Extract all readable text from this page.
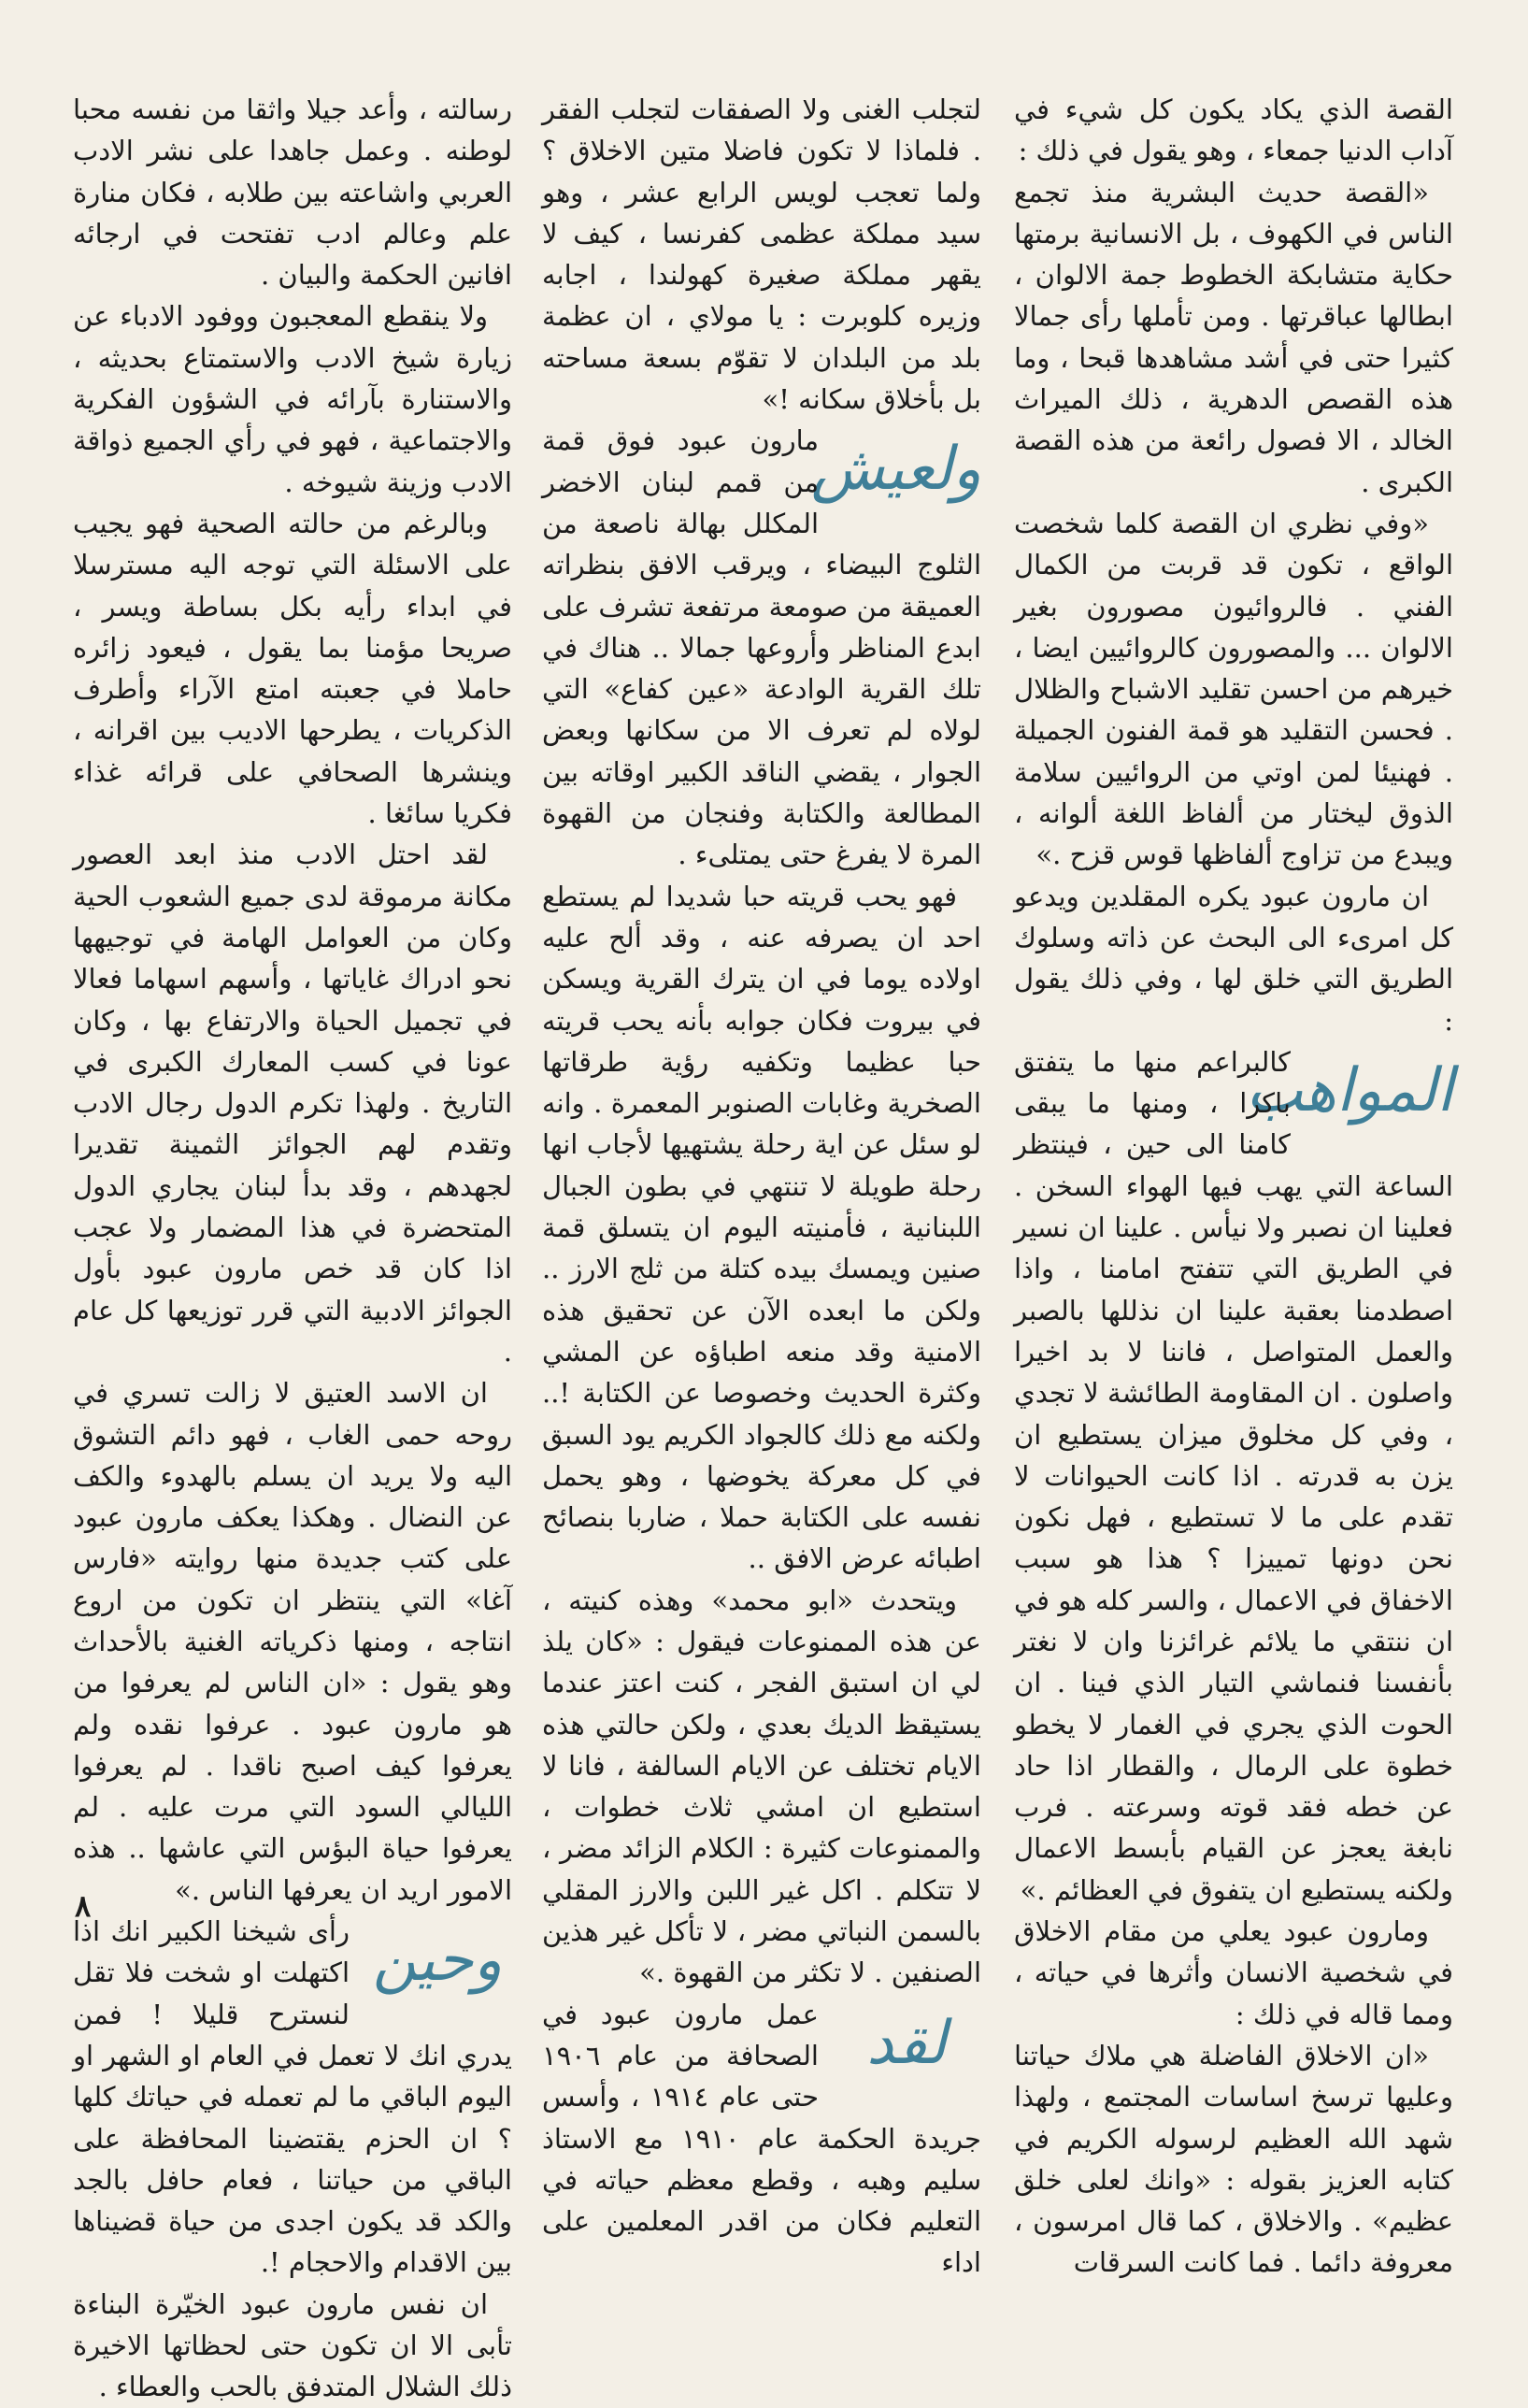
القصة الذي يكاد يكون كل شيء في آداب الدنيا جمعاء ، وهو يقول في ذلك :

«القصة حديث البشرية منذ تجمع الناس في الكهوف ، بل الانسانية برمتها حكاية متشابكة الخطوط جمة الالوان ، ابطالها عباقرتها . ومن تأملها رأى جمالا كثيرا حتى في أشد مشاهدها قبحا ، وما هذه القصص الدهرية ، ذلك الميراث الخالد ، الا فصول رائعة من هذه القصة الكبرى .

«وفي نظري ان القصة كلما شخصت الواقع ، تكون قد قربت من الكمال الفني . فالروائيون مصورون بغير الالوان ... والمصورون كالروائيين ايضا ، خيرهم من احسن تقليد الاشباح والظلال . فحسن التقليد هو قمة الفنون الجميلة . فهنيئا لمن اوتي من الروائيين سلامة الذوق ليختار من ألفاظ اللغة ألوانه ، ويبدع من تزاوج ألفاظها قوس قزح .»

ان مارون عبود يكره المقلدين ويدعو كل امرىء الى البحث عن ذاته وسلوك الطريق التي خلق لها ، وفي ذلك يقول :

المواهب

كالبراعم منها ما يتفتق باكرا ، ومنها ما يبقى كامنا الى حين ، فينتظر الساعة التي يهب فيها الهواء السخن . فعلينا ان نصبر ولا نيأس . علينا ان نسير في الطريق التي تتفتح امامنا ، واذا اصطدمنا بعقبة علينا ان نذللها بالصبر والعمل المتواصل ، فاننا لا بد اخيرا واصلون . ان المقاومة الطائشة لا تجدي ، وفي كل مخلوق ميزان يستطيع ان يزن به قدرته . اذا كانت الحيوانات لا تقدم على ما لا تستطيع ، فهل نكون نحن دونها تمييزا ؟ هذا هو سبب الاخفاق في الاعمال ، والسر كله هو في ان ننتقي ما يلائم غرائزنا وان لا نغتر بأنفسنا فنماشي التيار الذي فينا . ان الحوت الذي يجري في الغمار لا يخطو خطوة على الرمال ، والقطار اذا حاد عن خطه فقد قوته وسرعته . فرب نابغة يعجز عن القيام بأبسط الاعمال ولكنه يستطيع ان يتفوق في العظائم .»

ومارون عبود يعلي من مقام الاخلاق في شخصية الانسان وأثرها في حياته ، ومما قاله في ذلك :

«ان الاخلاق الفاضلة هي ملاك حياتنا وعليها ترسخ اساسات المجتمع ، ولهذا شهد الله العظيم لرسوله الكريم في كتابه العزيز بقوله : «وانك لعلى خلق عظيم» . والاخلاق ، كما قال امرسون ، معروفة دائما . فما كانت السرقات

لتجلب الغنى ولا الصفقات لتجلب الفقر . فلماذا لا تكون فاضلا متين الاخلاق ؟ ولما تعجب لويس الرابع عشر ، وهو سيد مملكة عظمى كفرنسا ، كيف لا يقهر مملكة صغيرة كهولندا ، اجابه وزيره كلوبرت : يا مولاي ، ان عظمة بلد من البلدان لا تقوّم بسعة مساحته بل بأخلاق سكانه !»

ولعيش

مارون عبود فوق قمة من قمم لبنان الاخضر المكلل بهالة ناصعة من الثلوج البيضاء ، ويرقب الافق بنظراته العميقة من صومعة مرتفعة تشرف على ابدع المناظر وأروعها جمالا .. هناك في تلك القرية الوادعة «عين كفاع» التي لولاه لم تعرف الا من سكانها وبعض الجوار ، يقضي الناقد الكبير اوقاته بين المطالعة والكتابة وفنجان من القهوة المرة لا يفرغ حتى يمتلىء .

فهو يحب قريته حبا شديدا لم يستطع احد ان يصرفه عنه ، وقد ألح عليه اولاده يوما في ان يترك القرية ويسكن في بيروت فكان جوابه بأنه يحب قريته حبا عظيما وتكفيه رؤية طرقاتها الصخرية وغابات الصنوبر المعمرة . وانه لو سئل عن اية رحلة يشتهيها لأجاب انها رحلة طويلة لا تنتهي في بطون الجبال اللبنانية ، فأمنيته اليوم ان يتسلق قمة صنين ويمسك بيده كتلة من ثلج الارز .. ولكن ما ابعده الآن عن تحقيق هذه الامنية وقد منعه اطباؤه عن المشي وكثرة الحديث وخصوصا عن الكتابة !.. ولكنه مع ذلك كالجواد الكريم يود السبق في كل معركة يخوضها ، وهو يحمل نفسه على الكتابة حملا ، ضاربا بنصائح اطبائه عرض الافق ..

ويتحدث «ابو محمد» وهذه كنيته ، عن هذه الممنوعات فيقول : «كان يلذ لي ان استبق الفجر ، كنت اعتز عندما يستيقظ الديك بعدي ، ولكن حالتي هذه الايام تختلف عن الايام السالفة ، فانا لا استطيع ان امشي ثلاث خطوات ، والممنوعات كثيرة : الكلام الزائد مضر ، لا تتكلم . اكل غير اللبن والارز المقلي بالسمن النباتي مضر ، لا تأكل غير هذين الصنفين . لا تكثر من القهوة .»

لقد

عمل مارون عبود في الصحافة من عام ١٩٠٦ حتى عام ١٩١٤ ، وأسس جريدة الحكمة عام ١٩١٠ مع الاستاذ سليم وهبه ، وقطع معظم حياته في التعليم فكان من اقدر المعلمين على اداء

رسالته ، وأعد جيلا واثقا من نفسه محبا لوطنه . وعمل جاهدا على نشر الادب العربي واشاعته بين طلابه ، فكان منارة علم وعالم ادب تفتحت في ارجائه افانين الحكمة والبيان .

ولا ينقطع المعجبون ووفود الادباء عن زيارة شيخ الادب والاستمتاع بحديثه ، والاستنارة بآرائه في الشؤون الفكرية والاجتماعية ، فهو في رأي الجميع ذواقة الادب وزينة شيوخه .

وبالرغم من حالته الصحية فهو يجيب على الاسئلة التي توجه اليه مسترسلا في ابداء رأيه بكل بساطة ويسر ، صريحا مؤمنا بما يقول ، فيعود زائره حاملا في جعبته امتع الآراء وأطرف الذكريات ، يطرحها الاديب بين اقرانه ، وينشرها الصحافي على قرائه غذاء فكريا سائغا .

لقد احتل الادب منذ ابعد العصور مكانة مرموقة لدى جميع الشعوب الحية وكان من العوامل الهامة في توجيهها نحو ادراك غاياتها ، وأسهم اسهاما فعالا في تجميل الحياة والارتفاع بها ، وكان عونا في كسب المعارك الكبرى في التاريخ . ولهذا تكرم الدول رجال الادب وتقدم لهم الجوائز الثمينة تقديرا لجهدهم ، وقد بدأ لبنان يجاري الدول المتحضرة في هذا المضمار ولا عجب اذا كان قد خص مارون عبود بأول الجوائز الادبية التي قرر توزيعها كل عام .

ان الاسد العتيق لا زالت تسري في روحه حمى الغاب ، فهو دائم التشوق اليه ولا يريد ان يسلم بالهدوء والكف عن النضال . وهكذا يعكف مارون عبود على كتب جديدة منها روايته «فارس آغا» التي ينتظر ان تكون من اروع انتاجه ، ومنها ذكرياته الغنية بالأحداث وهو يقول : «ان الناس لم يعرفوا من هو مارون عبود . عرفوا نقده ولم يعرفوا كيف اصبح ناقدا . لم يعرفوا الليالي السود التي مرت عليه . لم يعرفوا حياة البؤس التي عاشها .. هذه الامور اريد ان يعرفها الناس .»

وحين

رأى شيخنا الكبير انك اذا اكتهلت او شخت فلا تقل لنسترح قليلا ! فمن يدري انك لا تعمل في العام او الشهر او اليوم الباقي ما لم تعمله في حياتك كلها ؟ ان الحزم يقتضينا المحافظة على الباقي من حياتنا ، فعام حافل بالجد والكد قد يكون اجدى من حياة قضيناها بين الاقدام والاحجام !.

ان نفس مارون عبود الخيّرة البناءة تأبى الا ان تكون حتى لحظاتها الاخيرة ذلك الشلال المتدفق بالحب والعطاء .

٨
